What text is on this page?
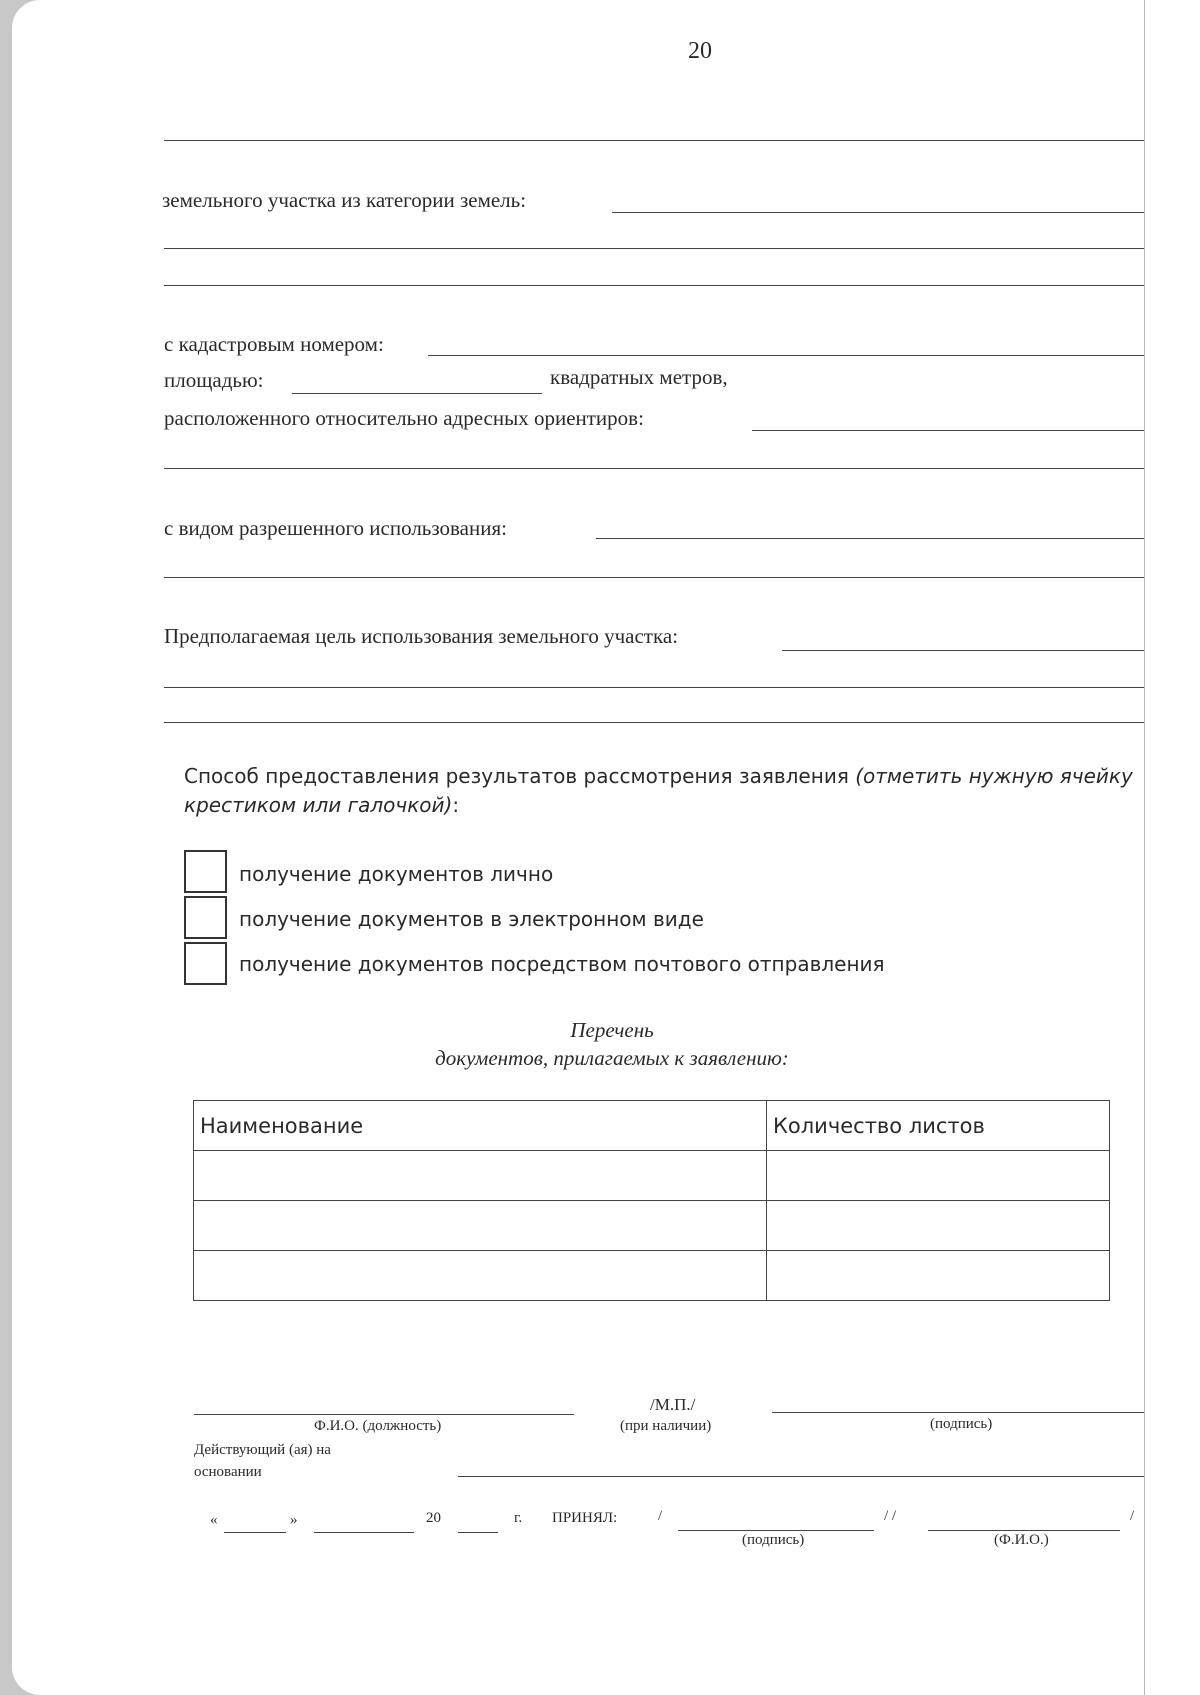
20
земельного участка из категории земель:
с кадастровым номером:
площадью:	квадратных метров,
расположенного относительно адресных ориентиров:
с видом разрешенного использования:
Предполагаемая цель использования земельного участка:
Способ предоставления результатов рассмотрения заявления (отметить нужную ячейку
крестиком или галочкой):
получение документов лично
получение документов в электронном виде
получение документов посредством почтового отправления
Перечень
документов, прилагаемых к заявлению:
Наименование	Количество листов

Ф.И.О. (должность)
/М.П./
(при наличии)	(подпись)
Действующий (ая) на
основании
«	»	20	г. ПРИНЯЛ:	/
(подпись)
/ /
(Ф.И.О.)
/
